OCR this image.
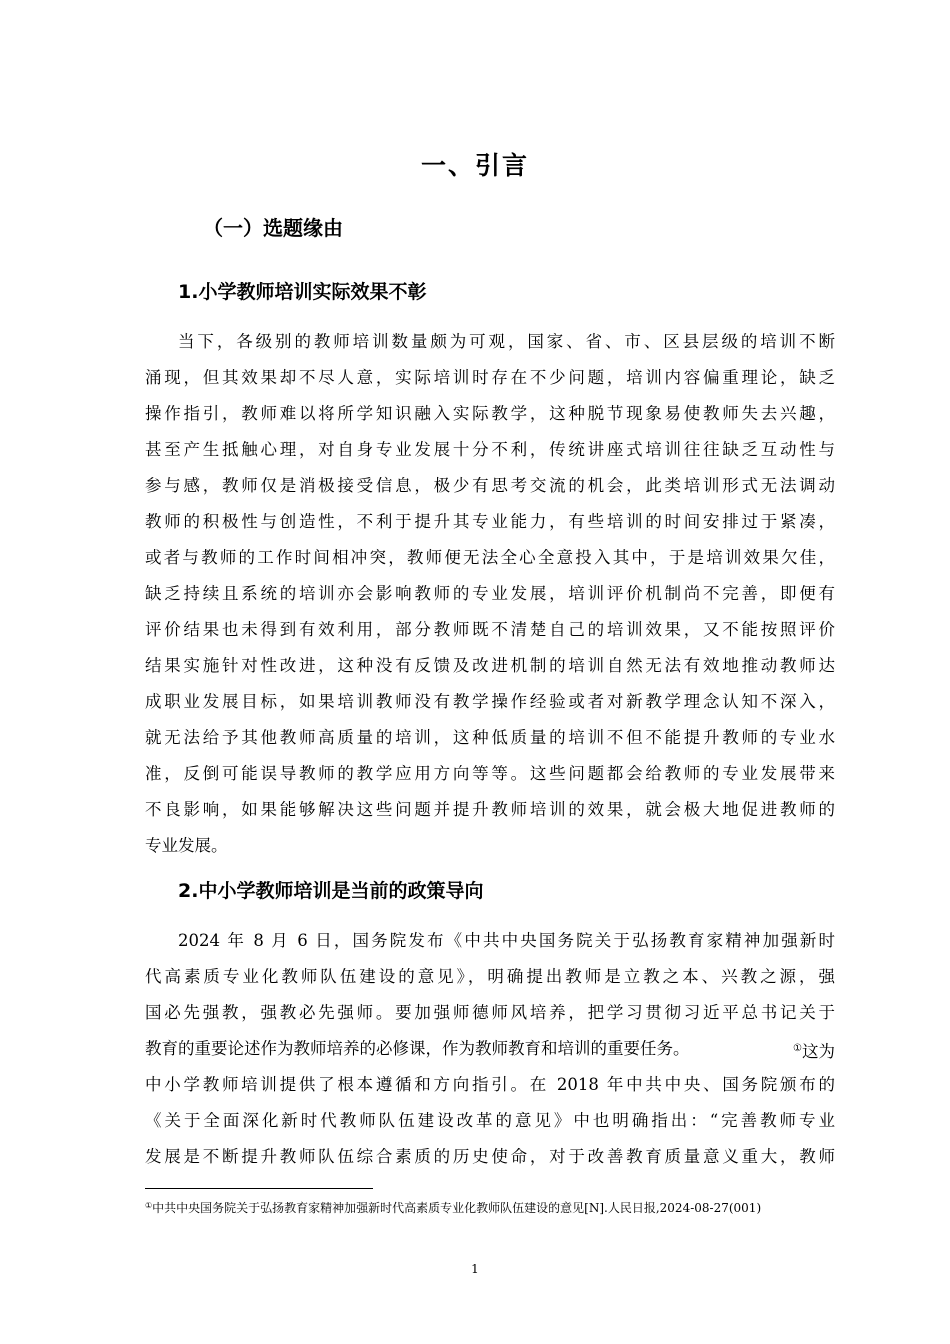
一、引言
（一）选题缘由
1.小学教师培训实际效果不彰
当下，各级别的教师培训数量颇为可观，国家、省、市、区县层级的培训不断
涌现，但其效果却不尽人意，实际培训时存在不少问题，培训内容偏重理论，缺乏
操作指引，教师难以将所学知识融入实际教学，这种脱节现象易使教师失去兴趣，
甚至产生抵触心理，对自身专业发展十分不利，传统讲座式培训往往缺乏互动性与
参与感，教师仅是消极接受信息，极少有思考交流的机会，此类培训形式无法调动
教师的积极性与创造性，不利于提升其专业能力，有些培训的时间安排过于紧凑，
或者与教师的工作时间相冲突，教师便无法全心全意投入其中，于是培训效果欠佳，
缺乏持续且系统的培训亦会影响教师的专业发展，培训评价机制尚不完善，即便有
评价结果也未得到有效利用，部分教师既不清楚自己的培训效果，又不能按照评价
结果实施针对性改进，这种没有反馈及改进机制的培训自然无法有效地推动教师达
成职业发展目标，如果培训教师没有教学操作经验或者对新教学理念认知不深入，
就无法给予其他教师高质量的培训，这种低质量的培训不但不能提升教师的专业水
准，反倒可能误导教师的教学应用方向等等。这些问题都会给教师的专业发展带来
不良影响，如果能够解决这些问题并提升教师培训的效果，就会极大地促进教师的
专业发展。
2.中小学教师培训是当前的政策导向
2024 年 8 月 6 日，国务院发布《中共中央国务院关于弘扬教育家精神加强新时
代高素质专业化教师队伍建设的意见》，明确提出教师是立教之本、兴教之源，强
国必先强教，强教必先强师。要加强师德师风培养，把学习贯彻习近平总书记关于
教育的重要论述作为教师培养的必修课，作为教师教育和培训的重要任务。	①这为
中小学教师培训提供了根本遵循和方向指引。在 2018 年中共中央、国务院颁布的
《关于全面深化新时代教师队伍建设改革的意见》中也明确指出：“完善教师专业
发展是不断提升教师队伍综合素质的历史使命，对于改善教育质量意义重大，教师
①中共中央国务院关于弘扬教育家精神加强新时代高素质专业化教师队伍建设的意见[N].人民日报,2024-08-27(001)
1
